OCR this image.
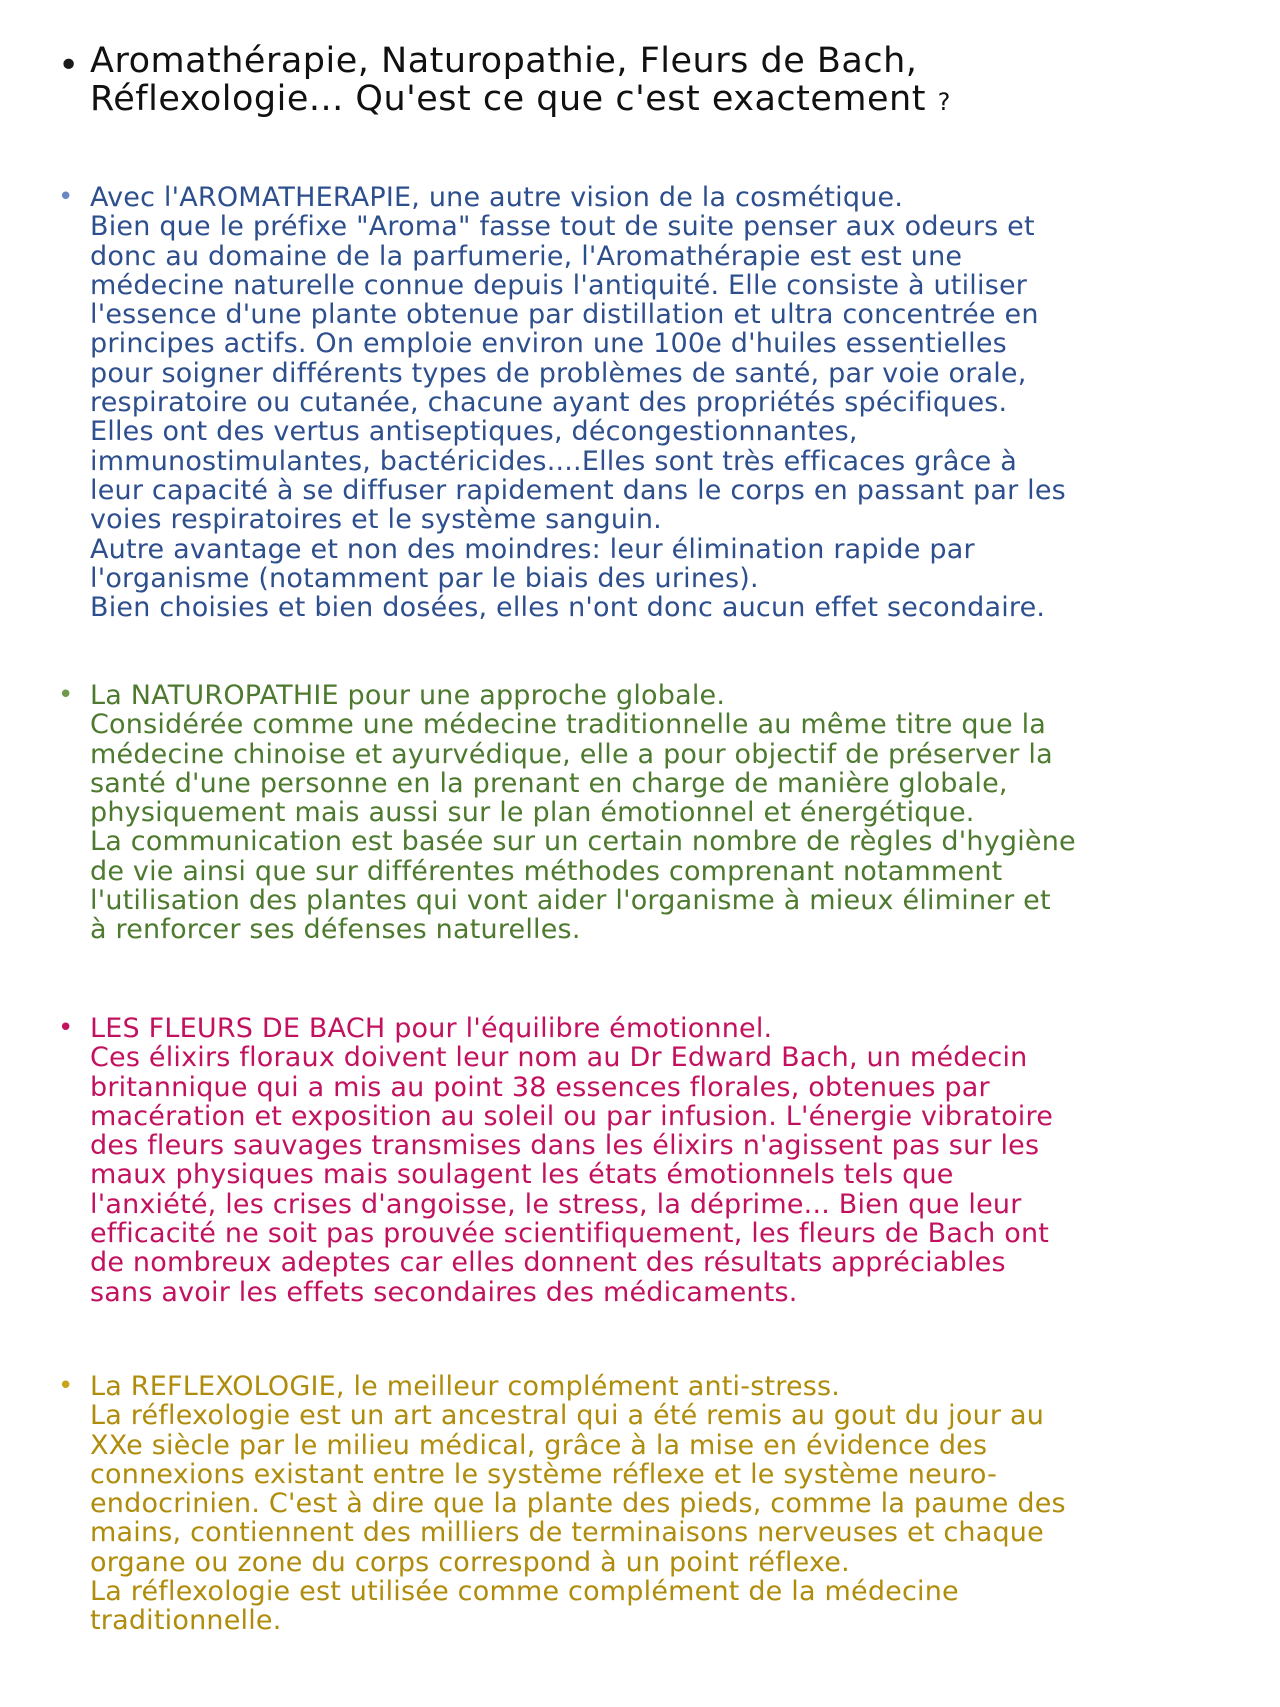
• Aromathérapie, Naturopathie, Fleurs de Bach,
Réflexologie... Qu'est ce que c'est exactement ?
• Avec l'AROMATHERAPIE, une autre vision de la cosmétique.
Bien que le préfixe "Aroma" fasse tout de suite penser aux odeurs et
donc au domaine de la parfumerie, l'Aromathérapie est est une
médecine naturelle connue depuis l'antiquité. Elle consiste à utiliser
l'essence d'une plante obtenue par distillation et ultra concentrée en
principes actifs. On emploie environ une 100e d'huiles essentielles
pour soigner différents types de problèmes de santé, par voie orale,
respiratoire ou cutanée, chacune ayant des propriétés spécifiques.
Elles ont des vertus antiseptiques, décongestionnantes,
immunostimulantes, bactéricides....Elles sont très efficaces grâce à
leur capacité à se diffuser rapidement dans le corps en passant par les
voies respiratoires et le système sanguin.
Autre avantage et non des moindres: leur élimination rapide par
l'organisme (notamment par le biais des urines).
Bien choisies et bien dosées, elles n'ont donc aucun effet secondaire.
• La NATUROPATHIE pour une approche globale.
Considérée comme une médecine traditionnelle au même titre que la
médecine chinoise et ayurvédique, elle a pour objectif de préserver la
santé d'une personne en la prenant en charge de manière globale,
physiquement mais aussi sur le plan émotionnel et énergétique.
La communication est basée sur un certain nombre de règles d'hygiène
de vie ainsi que sur différentes méthodes comprenant notamment
l'utilisation des plantes qui vont aider l'organisme à mieux éliminer et
à renforcer ses défenses naturelles.
• LES FLEURS DE BACH pour l'équilibre émotionnel.
Ces élixirs floraux doivent leur nom au Dr Edward Bach, un médecin
britannique qui a mis au point 38 essences florales, obtenues par
macération et exposition au soleil ou par infusion. L'énergie vibratoire
des fleurs sauvages transmises dans les élixirs n'agissent pas sur les
maux physiques mais soulagent les états émotionnels tels que
l'anxiété, les crises d'angoisse, le stress, la déprime... Bien que leur
efficacité ne soit pas prouvée scientifiquement, les fleurs de Bach ont
de nombreux adeptes car elles donnent des résultats appréciables
sans avoir les effets secondaires des médicaments.
• La REFLEXOLOGIE, le meilleur complément anti-stress.
La réflexologie est un art ancestral qui a été remis au gout du jour au
XXe siècle par le milieu médical, grâce à la mise en évidence des
connexions existant entre le système réflexe et le système neuro-
endocrinien. C'est à dire que la plante des pieds, comme la paume des
mains, contiennent des milliers de terminaisons nerveuses et chaque
organe ou zone du corps correspond à un point réflexe.
La réflexologie est utilisée comme complément de la médecine
traditionnelle.
